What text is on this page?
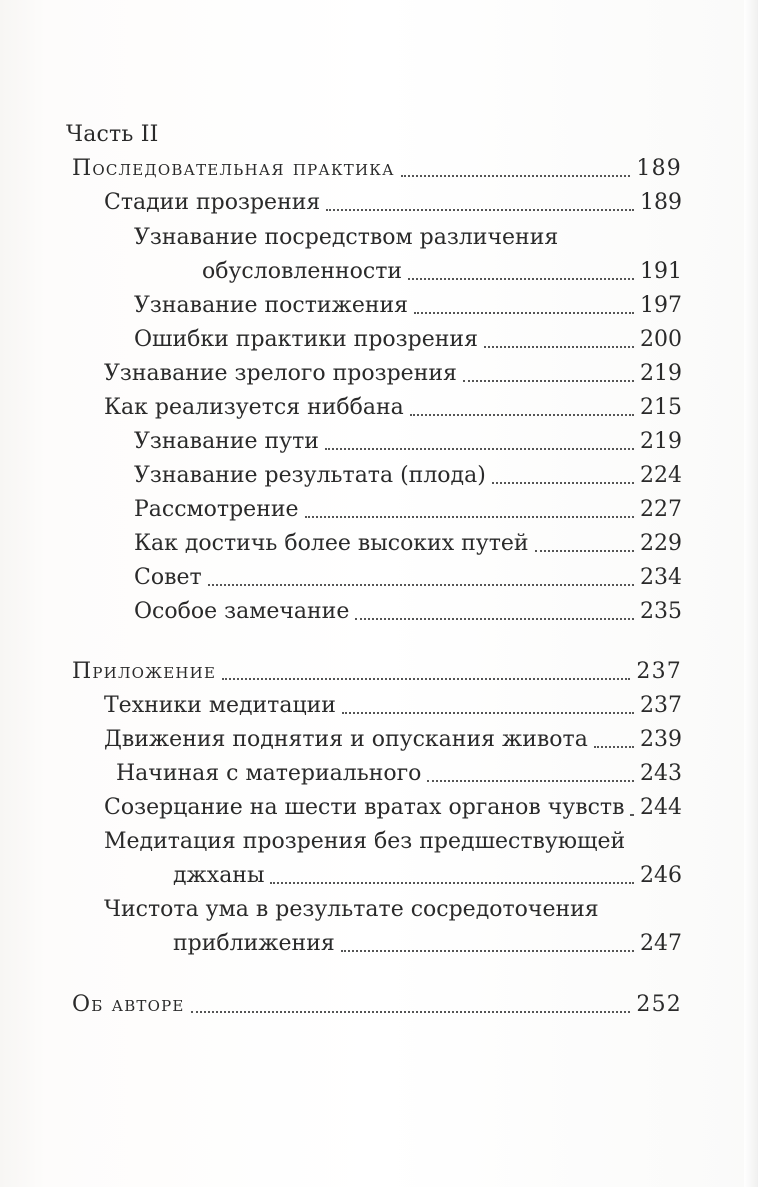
Часть II
Последовательная практика	189
Стадии прозрения	189
Узнавание посредством различения
обусловленности	191
Узнавание постижения	197
Ошибки практики прозрения	200
Узнавание зрелого прозрения	219
Как реализуется ниббана	215
Узнавание пути	219
Узнавание результата (плода)	224
Рассмотрение	227
Как достичь более высоких путей	229
Совет	234
Особое замечание	235
Приложение	237
Техники медитации	237
Движения поднятия и опускания живота 239
Начиная с материального	243
Созерцание на шести вратах органов чувств 244
Медитация прозрения без предшествующей
джханы	246
Чистота ума в результате сосредоточения
приближения	247
Об авторе	252
